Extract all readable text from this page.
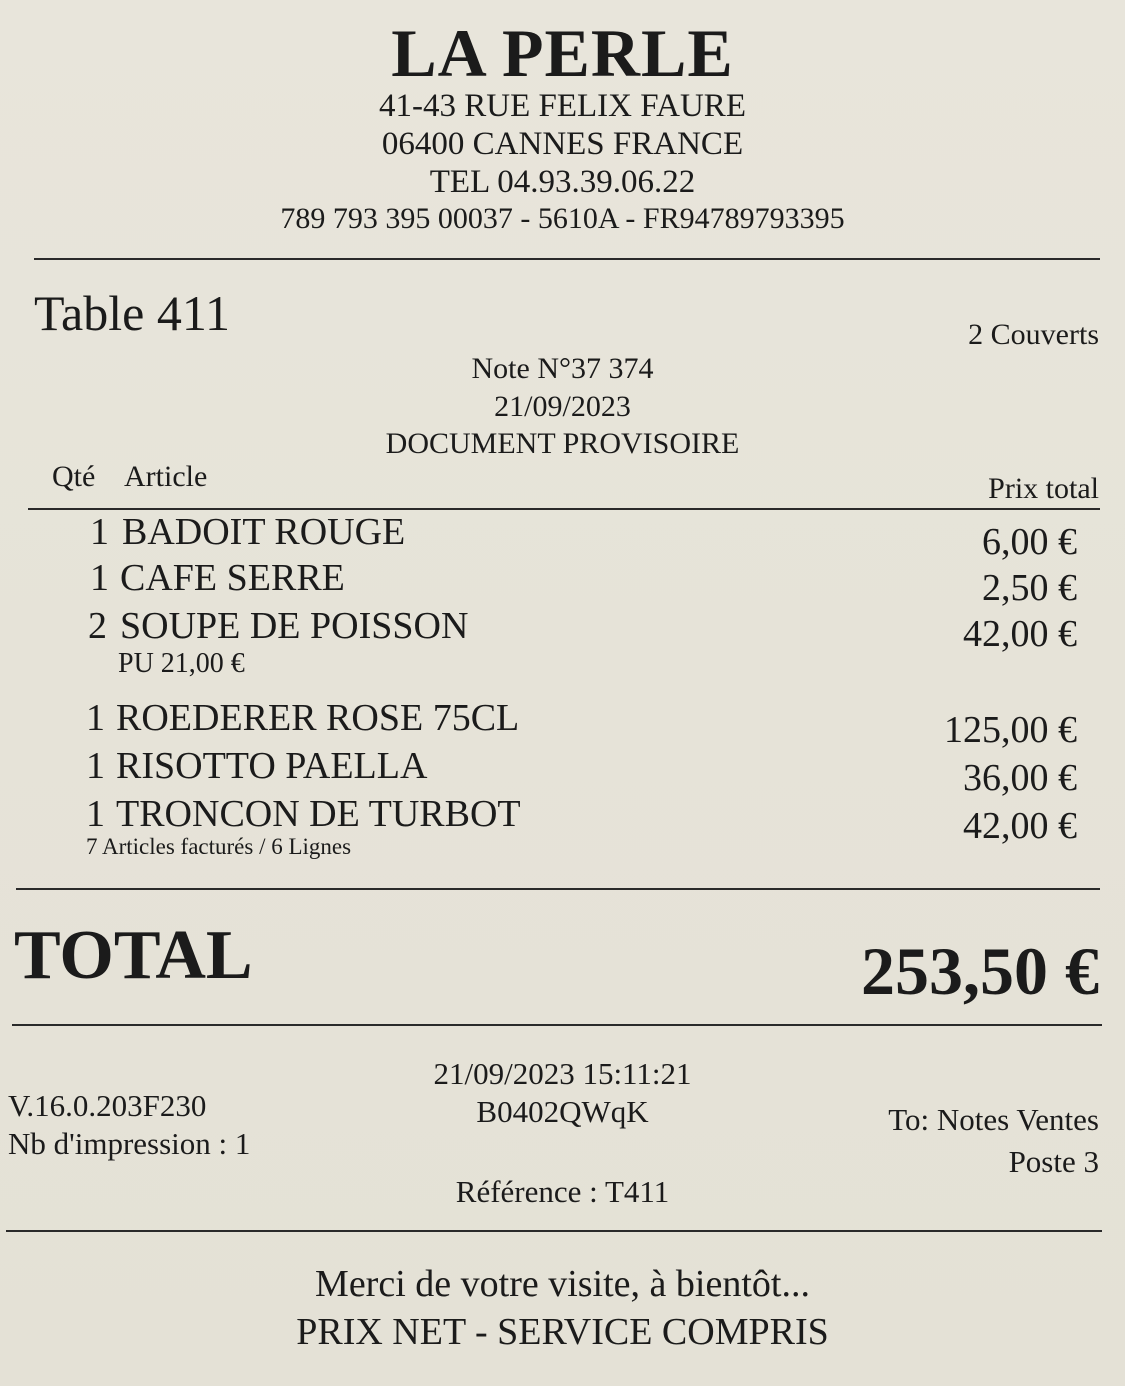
LA PERLE
41-43 RUE FELIX FAURE
06400 CANNES FRANCE
TEL 04.93.39.06.22
789 793 395 00037 - 5610A - FR94789793395
Table 411	2 Couverts
Note N°37 374
21/09/2023
DOCUMENT PROVISOIRE
Qté Article	Prix total
1 BADOIT ROUGE	6,00 €
1 CAFE SERRE	2,50 €
2 SOUPE DE POISSON	42,00 €
PU 21,00 €
1 ROEDERER ROSE 75CL	125,00 €
1 RISOTTO PAELLA	36,00 €
1 TRONCON DE TURBOT	42,00 €
7 Articles facturés / 6 Lignes
TOTAL	253,50 €
21/09/2023 15:11:21
B0402QWqK
V.16.0.203F230
Nb d'impression : 1
To: Notes Ventes
Poste 3
Référence : T411
Merci de votre visite, à bientôt...
PRIX NET - SERVICE COMPRIS
